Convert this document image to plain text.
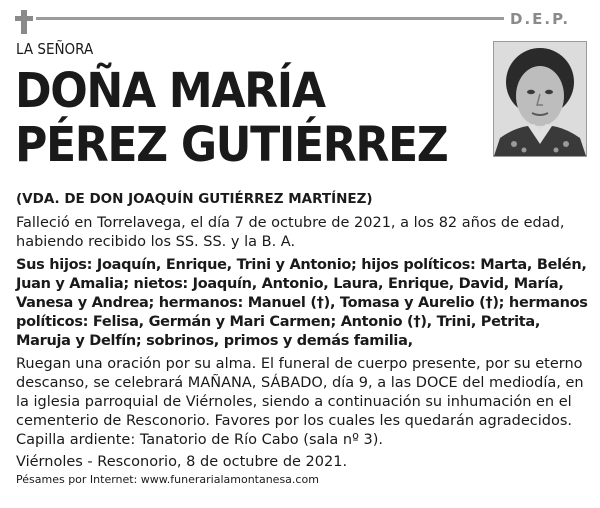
D.E.P.
LA SEÑORA
DOÑA MARÍA
PÉREZ GUTIÉRREZ

(VDA. DE DON JOAQUÍN GUTIÉRREZ MARTÍNEZ)

Falleció en Torrelavega, el día 7 de octubre de 2021, a los 82 años de edad, habiendo recibido los SS. SS. y la B. A.

Sus hijos: Joaquín, Enrique, Trini y Antonio; hijos políticos: Marta, Belén, Juan y Amalia; nietos: Joaquín, Antonio, Laura, Enrique, David, María, Vanesa y Andrea; hermanos: Manuel (†), Tomasa y Aurelio (†); hermanos políticos: Felisa, Germán y Mari Carmen; Antonio (†), Trini, Petrita, Maruja y Delfín; sobrinos, primos y demás familia,

Ruegan una oración por su alma. El funeral de cuerpo presente, por su eterno descanso, se celebrará MAÑANA, SÁBADO, día 9, a las DOCE del mediodía, en la iglesia parroquial de Viérnoles, siendo a continuación su inhumación en el cementerio de Resconorio. Favores por los cuales les quedarán agradecidos. Capilla ardiente: Tanatorio de Río Cabo (sala nº 3).

Viérnoles - Resconorio, 8 de octubre de 2021.

Pésames por Internet: www.funerarialamontanesa.com
